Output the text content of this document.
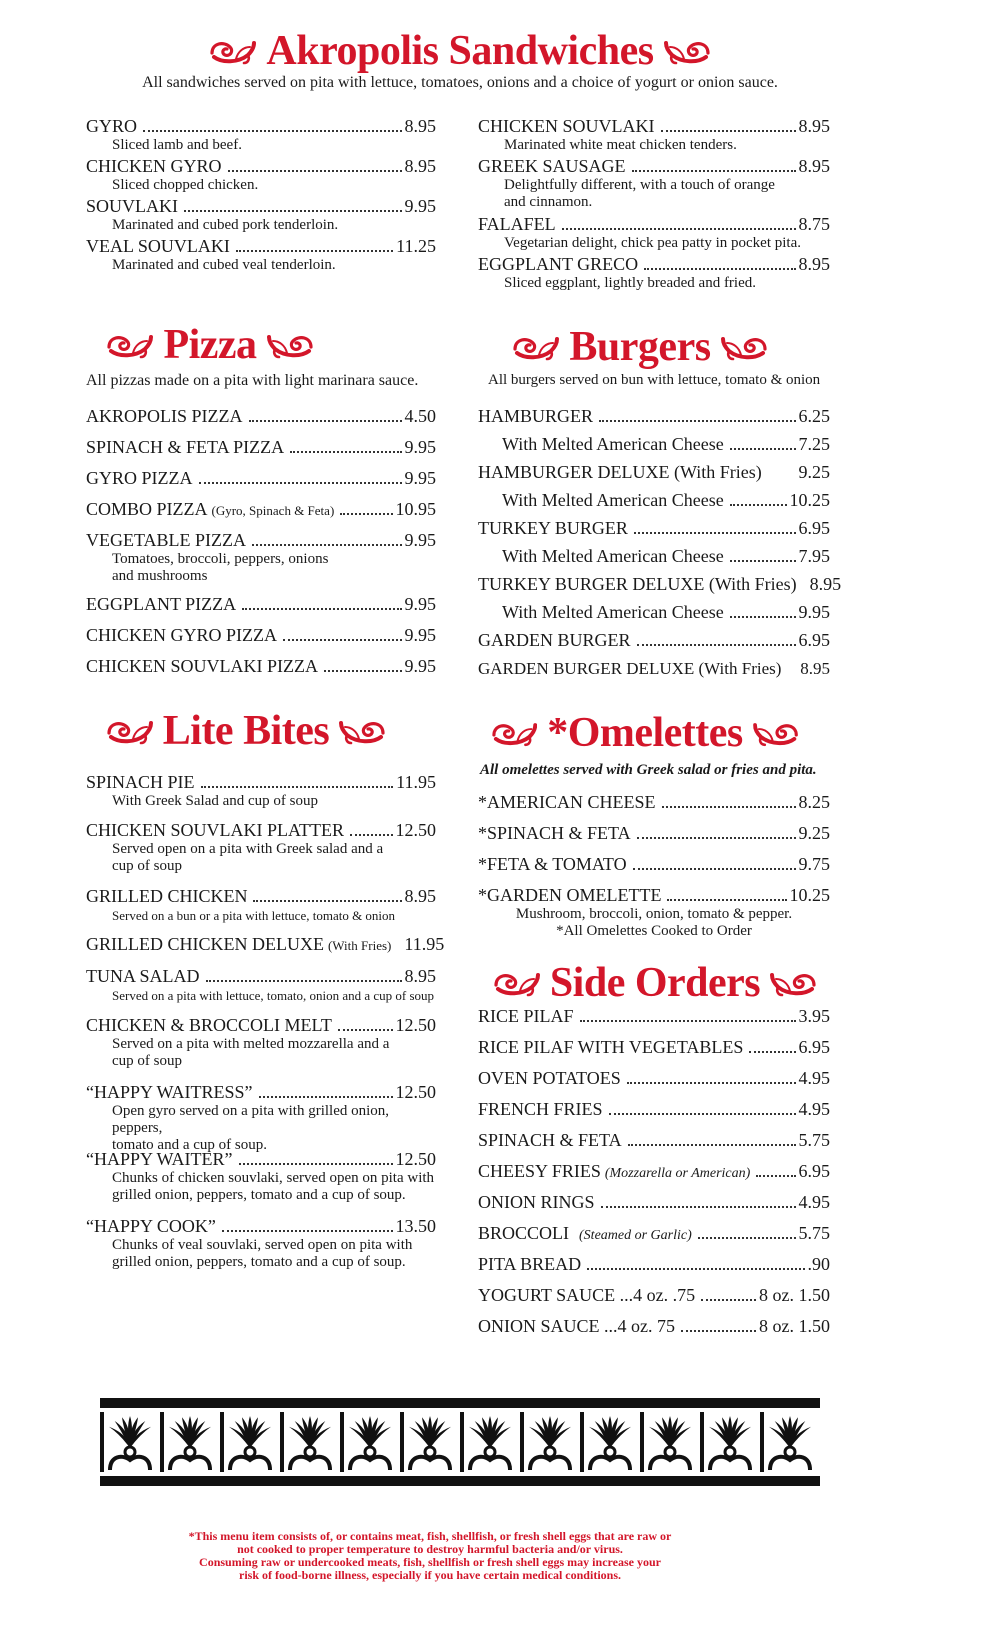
Akropolis Sandwiches
All sandwiches served on pita with lettuce, tomatoes, onions and a choice of yogurt or onion sauce.
GYRO	8.95
Sliced lamb and beef.
CHICKEN GYRO	8.95
Sliced chopped chicken.
SOUVLAKI	9.95
Marinated and cubed pork tenderloin.
VEAL SOUVLAKI	11.25
Marinated and cubed veal tenderloin.
CHICKEN SOUVLAKI	8.95
Marinated white meat chicken tenders.
GREEK SAUSAGE	8.95
Delightfully different, with a touch of orange
and cinnamon.
FALAFEL	8.75
Vegetarian delight, chick pea patty in pocket pita.
EGGPLANT GRECO	8.95
Sliced eggplant, lightly breaded and fried.
Pizza
All pizzas made on a pita with light marinara sauce.
AKROPOLIS PIZZA	4.50
SPINACH & FETA PIZZA	9.95
GYRO PIZZA	9.95
COMBO PIZZA (Gyro, Spinach & Feta)	10.95
VEGETABLE PIZZA	9.95
Tomatoes, broccoli, peppers, onions
and mushrooms
EGGPLANT PIZZA	9.95
CHICKEN GYRO PIZZA	9.95
CHICKEN SOUVLAKI PIZZA	9.95
Burgers
All burgers served on bun with lettuce, tomato & onion
HAMBURGER	6.25
With Melted American Cheese	7.25
HAMBURGER DELUXE (With Fries) 9.25
With Melted American Cheese	10.25
TURKEY BURGER	6.95
With Melted American Cheese	7.95
TURKEY BURGER DELUXE (With Fries) 8.95
With Melted American Cheese	9.95
GARDEN BURGER	6.95
GARDEN BURGER DELUXE (With Fries) 8.95
Lite Bites
SPINACH PIE	11.95
With Greek Salad and cup of soup
CHICKEN SOUVLAKI PLATTER	12.50
Served open on a pita with Greek salad and a
cup of soup
GRILLED CHICKEN	8.95
Served on a bun or a pita with lettuce, tomato & onion
GRILLED CHICKEN DELUXE (With Fries) 11.95
TUNA SALAD	8.95
Served on a pita with lettuce, tomato, onion and a cup of soup
CHICKEN & BROCCOLI MELT	12.50
Served on a pita with melted mozzarella and a
cup of soup
“HAPPY WAITRESS”	12.50
Open gyro served on a pita with grilled onion, peppers,
tomato and a cup of soup.
“HAPPY WAITER”	12.50
Chunks of chicken souvlaki, served open on pita with
grilled onion, peppers, tomato and a cup of soup.
“HAPPY COOK”	13.50
Chunks of veal souvlaki, served open on pita with
grilled onion, peppers, tomato and a cup of soup.
*Omelettes
All omelettes served with Greek salad or fries and pita.
*AMERICAN CHEESE	8.25
*SPINACH & FETA	9.25
*FETA & TOMATO	9.75
*GARDEN OMELETTE	10.25
Mushroom, broccoli, onion, tomato & pepper.
*All Omelettes Cooked to Order
Side Orders
RICE PILAF	3.95
RICE PILAF WITH VEGETABLES	6.95
OVEN POTATOES	4.95
FRENCH FRIES	4.95
SPINACH & FETA	5.75
CHEESY FRIES (Mozzarella or American)	6.95
ONION RINGS	4.95
BROCCOLI (Steamed or Garlic)	5.75
PITA BREAD	.90
YOGURT SAUCE ...4 oz. .75	8 oz. 1.50
ONION SAUCE ...4 oz. 75	8 oz. 1.50
*This menu item consists of, or contains meat, fish, shellfish, or fresh shell eggs that are raw or
not cooked to proper temperature to destroy harmful bacteria and/or virus.
Consuming raw or undercooked meats, fish, shellfish or fresh shell eggs may increase your
risk of food-borne illness, especially if you have certain medical conditions.
